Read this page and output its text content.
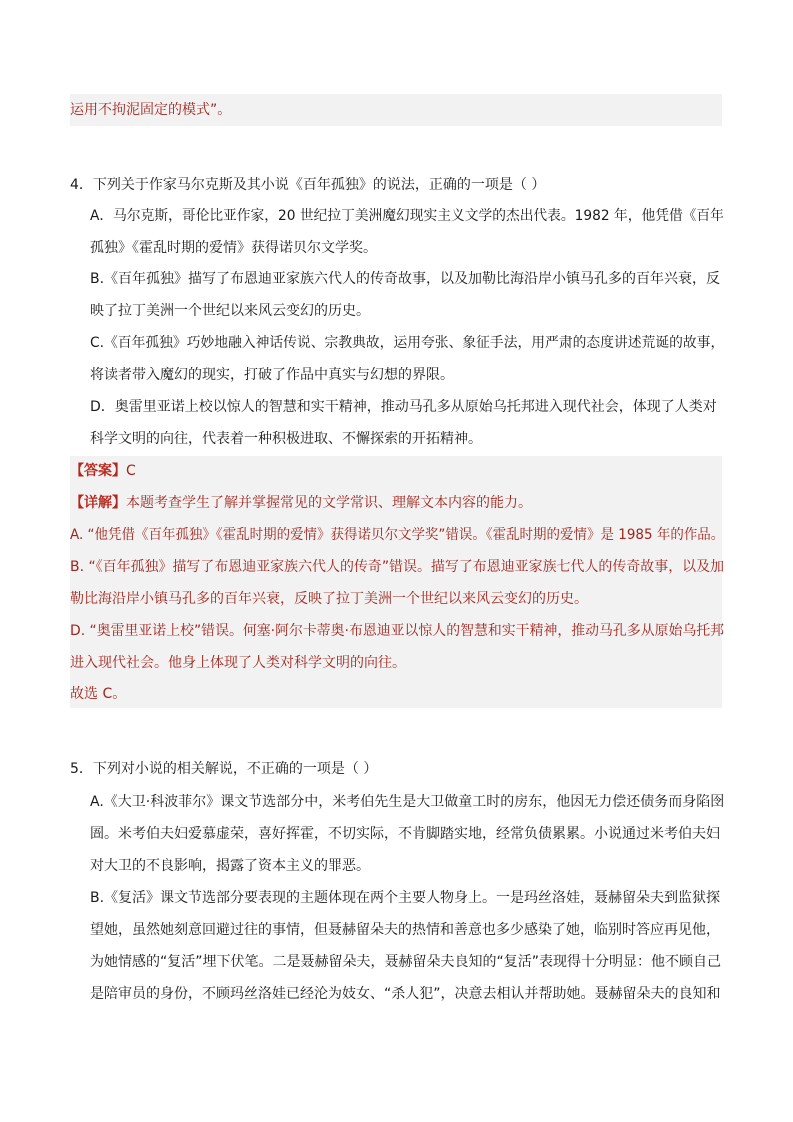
运用不拘泥固定的模式”。
4．下列关于作家马尔克斯及其小说《百年孤独》的说法，正确的一项是（ ）
A．马尔克斯，哥伦比亚作家，20 世纪拉丁美洲魔幻现实主义文学的杰出代表。1982 年，他凭借《百年
孤独》《霍乱时期的爱情》获得诺贝尔文学奖。
B.《百年孤独》描写了布恩迪亚家族六代人的传奇故事，以及加勒比海沿岸小镇马孔多的百年兴衰，反
映了拉丁美洲一个世纪以来风云变幻的历史。
C.《百年孤独》巧妙地融入神话传说、宗教典故，运用夸张、象征手法，用严肃的态度讲述荒诞的故事，
将读者带入魔幻的现实，打破了作品中真实与幻想的界限。
D．奥雷里亚诺上校以惊人的智慧和实干精神，推动马孔多从原始乌托邦进入现代社会，体现了人类对
科学文明的向往，代表着一种积极进取、不懈探索的开拓精神。
【答案】C
【详解】本题考查学生了解并掌握常见的文学常识、理解文本内容的能力。
A. “他凭借《百年孤独》《霍乱时期的爱情》获得诺贝尔文学奖”错误。《霍乱时期的爱情》是 1985 年的作品。
B. “《百年孤独》描写了布恩迪亚家族六代人的传奇”错误。描写了布恩迪亚家族七代人的传奇故事，以及加
勒比海沿岸小镇马孔多的百年兴衰，反映了拉丁美洲一个世纪以来风云变幻的历史。
D. “奥雷里亚诺上校”错误。何塞·阿尔卡蒂奥·布恩迪亚以惊人的智慧和实干精神，推动马孔多从原始乌托邦
进入现代社会。他身上体现了人类对科学文明的向往。
故选 C。
5．下列对小说的相关解说，不正确的一项是（ ）
A.《大卫·科波菲尔》课文节选部分中，米考伯先生是大卫做童工时的房东，他因无力偿还债务而身陷囹
圄。米考伯夫妇爱慕虚荣，喜好挥霍，不切实际，不肯脚踏实地，经常负债累累。小说通过米考伯夫妇
对大卫的不良影响，揭露了资本主义的罪恶。
B.《复活》课文节选部分要表现的主题体现在两个主要人物身上。一是玛丝洛娃，聂赫留朵夫到监狱探
望她，虽然她刻意回避过往的事情，但聂赫留朵夫的热情和善意也多少感染了她，临别时答应再见他，
为她情感的“复活”埋下伏笔。二是聂赫留朵夫，聂赫留朵夫良知的“复活”表现得十分明显：他不顾自己
是陪审员的身份，不顾玛丝洛娃已经沦为妓女、“杀人犯”，决意去相认并帮助她。聂赫留朵夫的良知和
